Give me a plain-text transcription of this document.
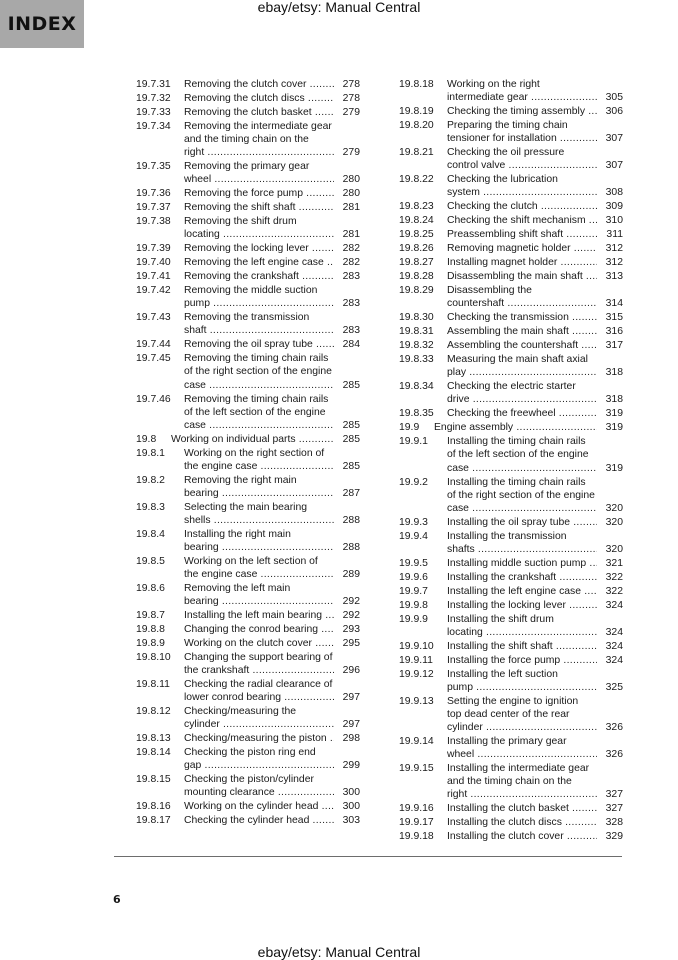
INDEX
ebay/etsy: Manual Central
19.7.31 Removing the clutch cover .....	278
19.7.32 Removing the clutch discs .....	278
19.7.33 Removing the clutch basket .....	279
19.7.34 Removing the intermediate gear
and the timing chain on the
right .....	279
19.7.35 Removing the primary gear
wheel .....	280
19.7.36 Removing the force pump .....	280
19.7.37 Removing the shift shaft .....	281
19.7.38 Removing the shift drum
locating .....	281
19.7.39 Removing the locking lever .....	282
19.7.40 Removing the left engine case .....	282
19.7.41 Removing the crankshaft .....	283
19.7.42 Removing the middle suction
pump .....	283
19.7.43 Removing the transmission
shaft .....	283
19.7.44 Removing the oil spray tube .....	284
19.7.45 Removing the timing chain rails
of the right section of the engine
case .....	285
19.7.46 Removing the timing chain rails
of the left section of the engine
case .....	285
19.8 Working on individual parts .....	285
19.8.1 Working on the right section of
the engine case .....	285
19.8.2 Removing the right main
bearing .....	287
19.8.3 Selecting the main bearing
shells .....	288
19.8.4 Installing the right main
bearing .....	288
19.8.5 Working on the left section of
the engine case .....	289
19.8.6 Removing the left main
bearing .....	292
19.8.7 Installing the left main bearing .....	292
19.8.8 Changing the conrod bearing .....	293
19.8.9 Working on the clutch cover .....	295
19.8.10 Changing the support bearing of
the crankshaft .....	296
19.8.11 Checking the radial clearance of
lower conrod bearing .....	297
19.8.12 Checking/measuring the
cylinder .....	297
19.8.13 Checking/measuring the piston .....	298
19.8.14 Checking the piston ring end
gap .....	299
19.8.15 Checking the piston/cylinder
mounting clearance .....	300
19.8.16 Working on the cylinder head .....	300
19.8.17 Checking the cylinder head .....	303
19.8.18 Working on the right
intermediate gear .....	305
19.8.19 Checking the timing assembly .....	306
19.8.20 Preparing the timing chain
tensioner for installation .....	307
19.8.21 Checking the oil pressure
control valve .....	307
19.8.22 Checking the lubrication
system .....	308
19.8.23 Checking the clutch .....	309
19.8.24 Checking the shift mechanism .....	310
19.8.25 Preassembling shift shaft .....	311
19.8.26 Removing magnetic holder .....	312
19.8.27 Installing magnet holder .....	312
19.8.28 Disassembling the main shaft .....	313
19.8.29 Disassembling the
countershaft .....	314
19.8.30 Checking the transmission .....	315
19.8.31 Assembling the main shaft .....	316
19.8.32 Assembling the countershaft .....	317
19.8.33 Measuring the main shaft axial
play .....	318
19.8.34 Checking the electric starter
drive .....	318
19.8.35 Checking the freewheel .....	319
19.9 Engine assembly .....	319
19.9.1 Installing the timing chain rails
of the left section of the engine
case .....	319
19.9.2 Installing the timing chain rails
of the right section of the engine
case .....	320
19.9.3 Installing the oil spray tube .....	320
19.9.4 Installing the transmission
shafts .....	320
19.9.5 Installing middle suction pump .....	321
19.9.6 Installing the crankshaft .....	322
19.9.7 Installing the left engine case .....	322
19.9.8 Installing the locking lever .....	324
19.9.9 Installing the shift drum
locating .....	324
19.9.10 Installing the shift shaft .....	324
19.9.11 Installing the force pump .....	324
19.9.12 Installing the left suction
pump .....	325
19.9.13 Setting the engine to ignition
top dead center of the rear
cylinder .....	326
19.9.14 Installing the primary gear
wheel .....	326
19.9.15 Installing the intermediate gear
and the timing chain on the
right .....	327
19.9.16 Installing the clutch basket .....	327
19.9.17 Installing the clutch discs .....	328
19.9.18 Installing the clutch cover .....	329
6
ebay/etsy: Manual Central
